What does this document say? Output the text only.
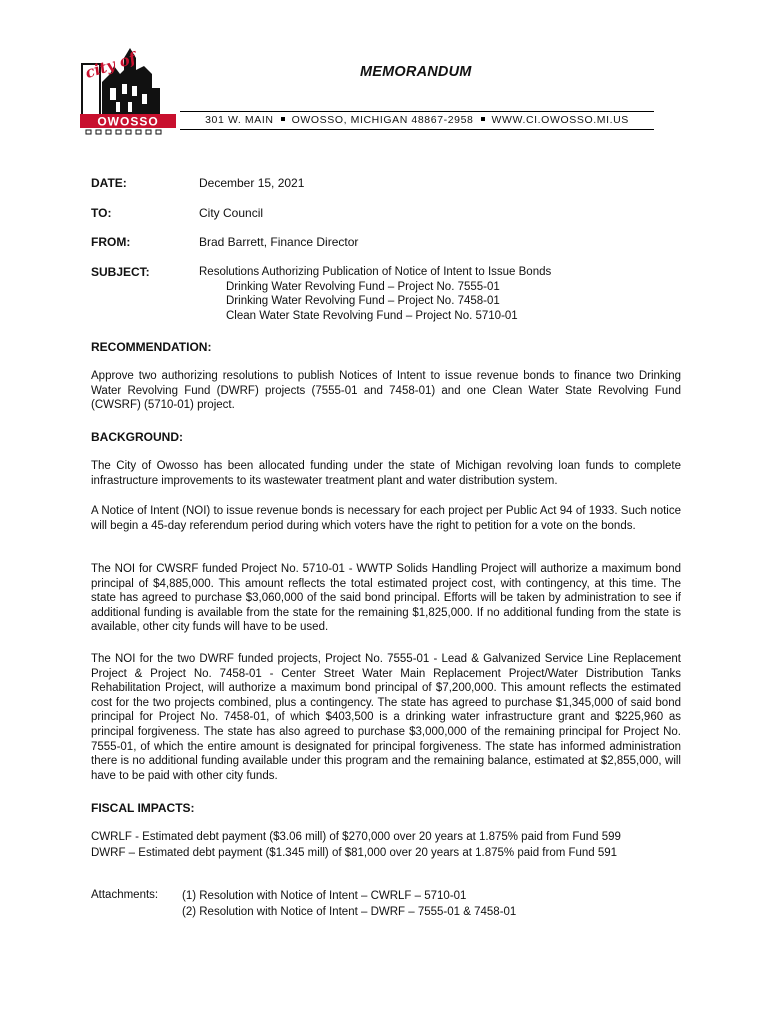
city of
OWOSSO
MEMORANDUM
301 W. MAIN OWOSSO, MICHIGAN 48867-2958 WWW.CI.OWOSSO.MI.US
DATE:	December 15, 2021
TO:	City Council
FROM:	Brad Barrett, Finance Director
SUBJECT:	Resolutions Authorizing Publication of Notice of Intent to Issue Bonds
Drinking Water Revolving Fund – Project No. 7555-01
Drinking Water Revolving Fund – Project No. 7458-01
Clean Water State Revolving Fund – Project No. 5710-01
RECOMMENDATION:
Approve two authorizing resolutions to publish Notices of Intent to issue revenue bonds to finance two Drinking Water Revolving Fund (DWRF) projects (7555-01 and 7458-01) and one Clean Water State Revolving Fund (CWSRF) (5710-01) project.
BACKGROUND:
The City of Owosso has been allocated funding under the state of Michigan revolving loan funds to complete infrastructure improvements to its wastewater treatment plant and water distribution system.
A Notice of Intent (NOI) to issue revenue bonds is necessary for each project per Public Act 94 of 1933. Such notice will begin a 45-day referendum period during which voters have the right to petition for a vote on the bonds.
The NOI for CWSRF funded Project No. 5710-01 - WWTP Solids Handling Project will authorize a maximum bond principal of $4,885,000. This amount reflects the total estimated project cost, with contingency, at this time. The state has agreed to purchase $3,060,000 of the said bond principal. Efforts will be taken by administration to see if additional funding is available from the state for the remaining $1,825,000. If no additional funding from the state is available, other city funds will have to be used.
The NOI for the two DWRF funded projects, Project No. 7555-01 - Lead & Galvanized Service Line Replacement Project & Project No. 7458-01 - Center Street Water Main Replacement Project/Water Distribution Tanks Rehabilitation Project, will authorize a maximum bond principal of $7,200,000. This amount reflects the estimated cost for the two projects combined, plus a contingency. The state has agreed to purchase $1,345,000 of said bond principal for Project No. 7458-01, of which $403,500 is a drinking water infrastructure grant and $225,960 as principal forgiveness. The state has also agreed to purchase $3,000,000 of the remaining principal for Project No. 7555-01, of which the entire amount is designated for principal forgiveness. The state has informed administration there is no additional funding available under this program and the remaining balance, estimated at $2,855,000, will have to be paid with other city funds.
FISCAL IMPACTS:
CWRLF - Estimated debt payment ($3.06 mill) of $270,000 over 20 years at 1.875% paid from Fund 599
DWRF – Estimated debt payment ($1.345 mill) of $81,000 over 20 years at 1.875% paid from Fund 591
Attachments: (1) Resolution with Notice of Intent – CWRLF – 5710-01
(2) Resolution with Notice of Intent – DWRF – 7555-01 & 7458-01
